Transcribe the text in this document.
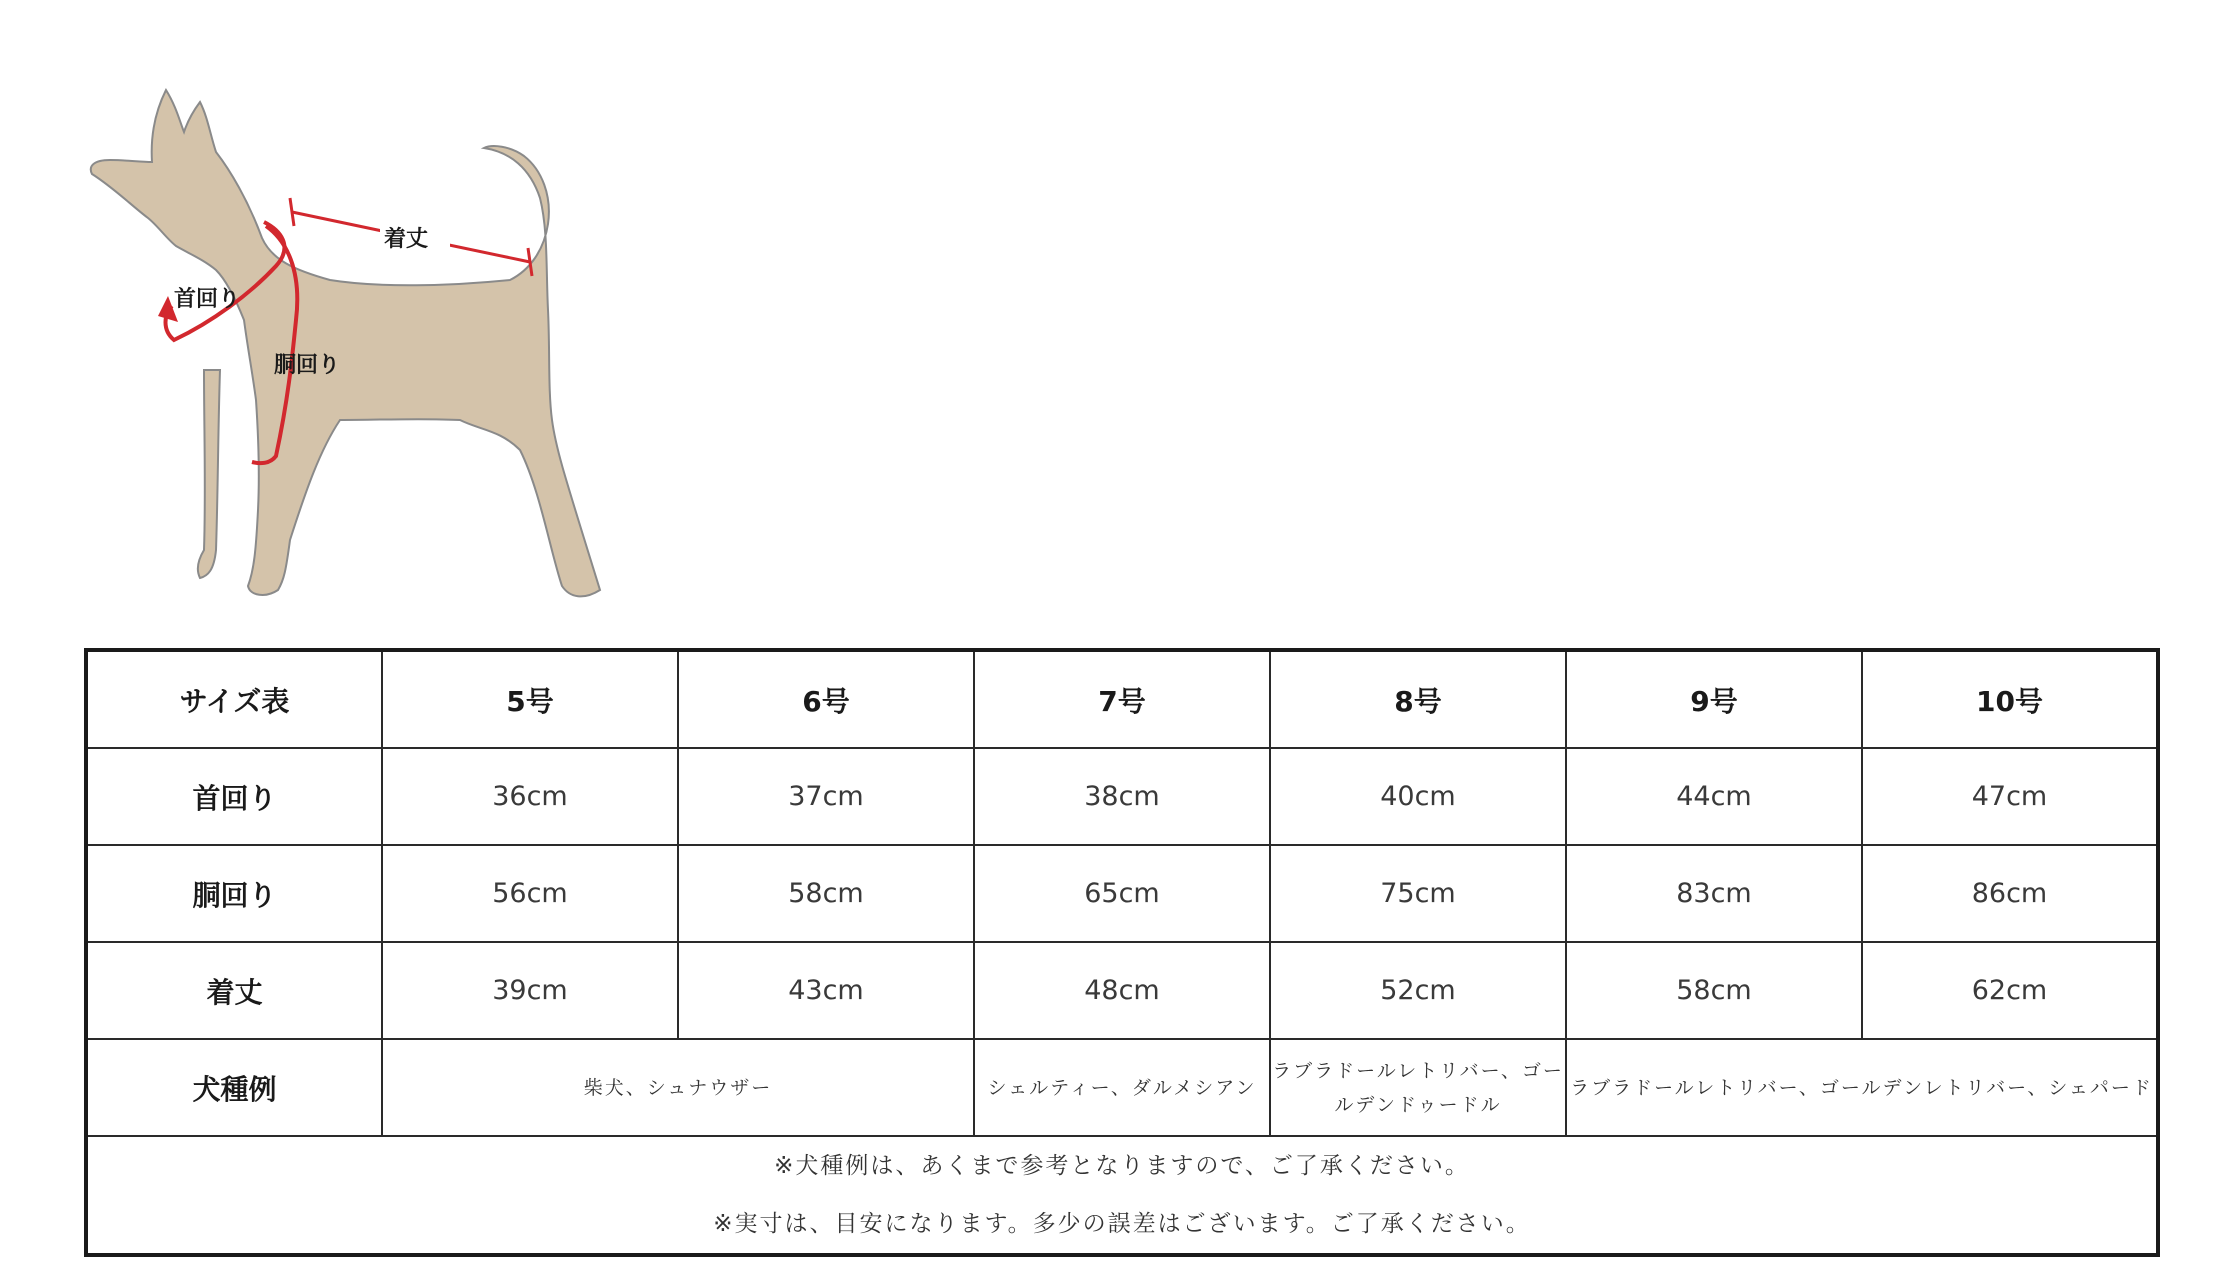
着丈
首回り
胴回り
サイズ表	5号	6号	7号	8号	9号	10号
首回り	36cm	37cm	38cm	40cm	44cm	47cm
胴回り	56cm	58cm	65cm	75cm	83cm	86cm
着丈	39cm	43cm	48cm	52cm	58cm	62cm
犬種例	柴犬、シュナウザー		シェルティー、ダルメシアン	ラブラドールレトリバー、ゴールデンドゥードル	ラブラドールレトリバー、ゴールデンレトリバー、シェパード	

※犬種例は、あくまで参考となりますので、ご了承ください。
※実寸は、目安になります。多少の誤差はございます。ご了承ください。						
